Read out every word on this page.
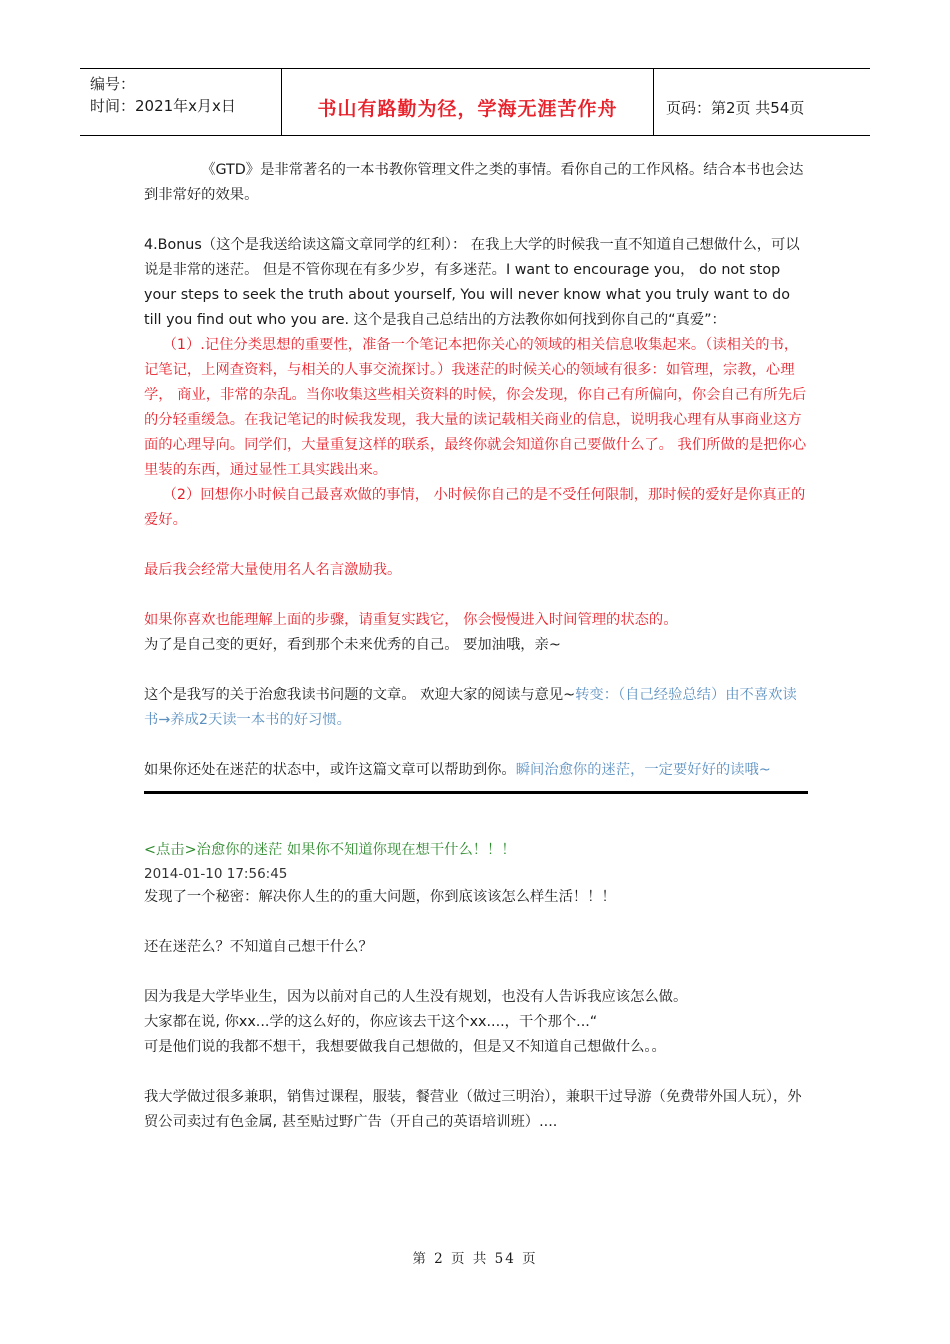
编号：
时间：2021年x月x日	书山有路勤为径，学海无涯苦作舟	页码：第2页 共54页

《GTD》是非常著名的一本书教你管理文件之类的事情。看你自己的工作风格。结合本书也会达到非常好的效果。

4.Bonus（这个是我送给读这篇文章同学的红利）： 在我上大学的时候我一直不知道自己想做什么，可以说是非常的迷茫。 但是不管你现在有多少岁，有多迷茫。I want to encourage you， do not stop your steps to seek the truth about yourself, You will never know what you truly want to do till you find out who you are. 这个是我自己总结出的方法教你如何找到你自己的“真爱”：

（1）.记住分类思想的重要性，准备一个笔记本把你关心的领域的相关信息收集起来。（读相关的书，记笔记，上网查资料，与相关的人事交流探讨。）我迷茫的时候关心的领域有很多：如管理，宗教，心理学， 商业，非常的杂乱。当你收集这些相关资料的时候，你会发现，你自己有所偏向，你会自己有所先后的分轻重缓急。在我记笔记的时候我发现，我大量的读记载相关商业的信息，说明我心理有从事商业这方面的心理导向。同学们，大量重复这样的联系，最终你就会知道你自己要做什么了。 我们所做的是把你心里装的东西，通过显性工具实践出来。

（2）回想你小时候自己最喜欢做的事情， 小时候你自己的是不受任何限制，那时候的爱好是你真正的爱好。

最后我会经常大量使用名人名言激励我。

如果你喜欢也能理解上面的步骤，请重复实践它， 你会慢慢进入时间管理的状态的。

为了是自己变的更好，看到那个未来优秀的自己。 要加油哦，亲~

这个是我写的关于治愈我读书问题的文章。 欢迎大家的阅读与意见~转变：（自己经验总结）由不喜欢读书→养成2天读一本书的好习惯。

如果你还处在迷茫的状态中，或许这篇文章可以帮助到你。瞬间治愈你的迷茫，一定要好好的读哦~

<点击>治愈你的迷茫 如果你不知道你现在想干什么！！！

2014-01-10 17:56:45

发现了一个秘密：解决你人生的的重大问题，你到底该该怎么样生活！！！

还在迷茫么？不知道自己想干什么？

因为我是大学毕业生，因为以前对自己的人生没有规划，也没有人告诉我应该怎么做。

大家都在说, 你xx...学的这么好的，你应该去干这个xx....，干个那个...“

可是他们说的我都不想干，我想要做我自己想做的，但是又不知道自己想做什么。。

我大学做过很多兼职，销售过课程，服装，餐营业（做过三明治），兼职干过导游（免费带外国人玩），外贸公司卖过有色金属, 甚至贴过野广告（开自己的英语培训班）....

第 2 页 共 54 页
